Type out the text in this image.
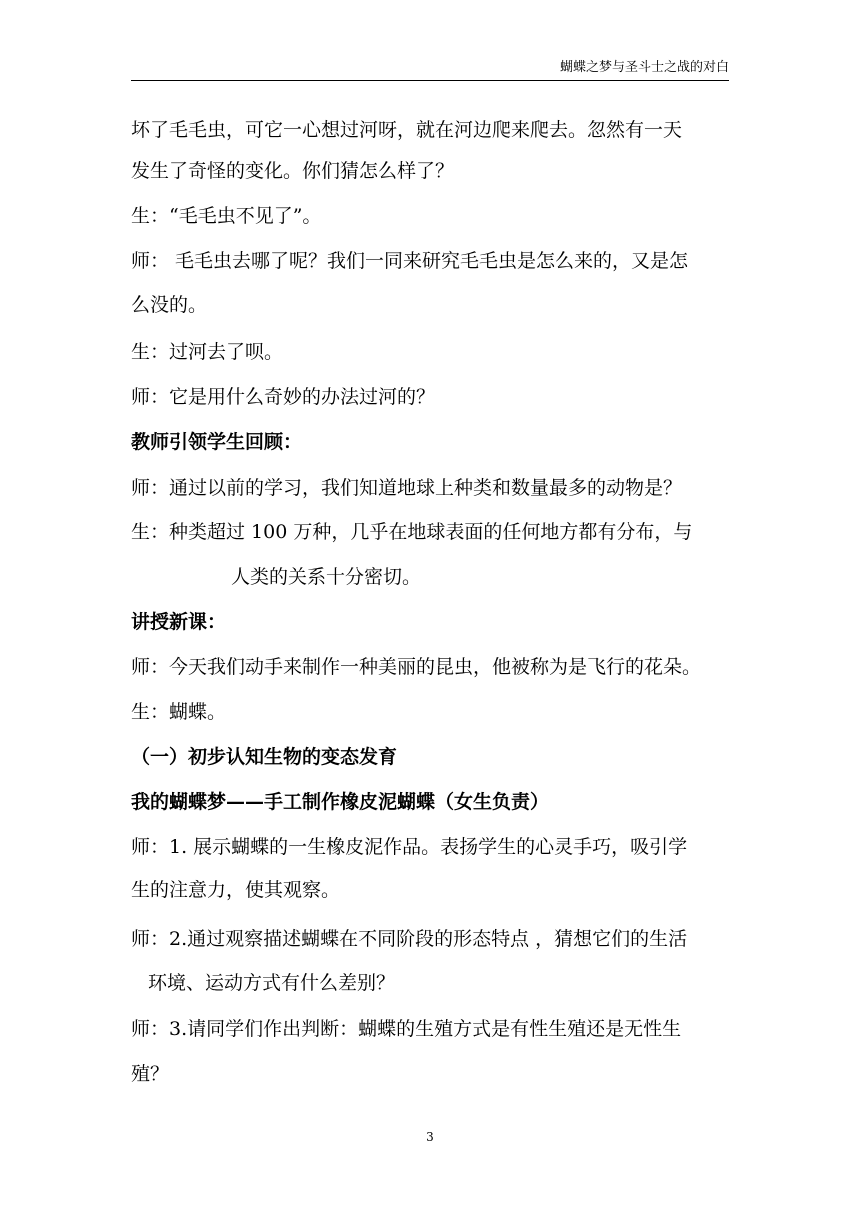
蝴蝶之梦与圣斗士之战的对白
坏了毛毛虫，可它一心想过河呀，就在河边爬来爬去。忽然有一天
发生了奇怪的变化。你们猜怎么样了？
生：“毛毛虫不见了”。
师： 毛毛虫去哪了呢？我们一同来研究毛毛虫是怎么来的，又是怎
么没的。
生：过河去了呗。
师：它是用什么奇妙的办法过河的？
教师引领学生回顾：
师：通过以前的学习，我们知道地球上种类和数量最多的动物是？
生：种类超过 100 万种，几乎在地球表面的任何地方都有分布，与
人类的关系十分密切。
讲授新课：
师：今天我们动手来制作一种美丽的昆虫，他被称为是飞行的花朵。
生：蝴蝶。
（一）初步认知生物的变态发育
我的蝴蝶梦——手工制作橡皮泥蝴蝶（女生负责）
师：1. 展示蝴蝶的一生橡皮泥作品。表扬学生的心灵手巧，吸引学
生的注意力，使其观察。
师：2.通过观察描述蝴蝶在不同阶段的形态特点 ，猜想它们的生活
环境、运动方式有什么差别？
师：3.请同学们作出判断：蝴蝶的生殖方式是有性生殖还是无性生
殖？
3
